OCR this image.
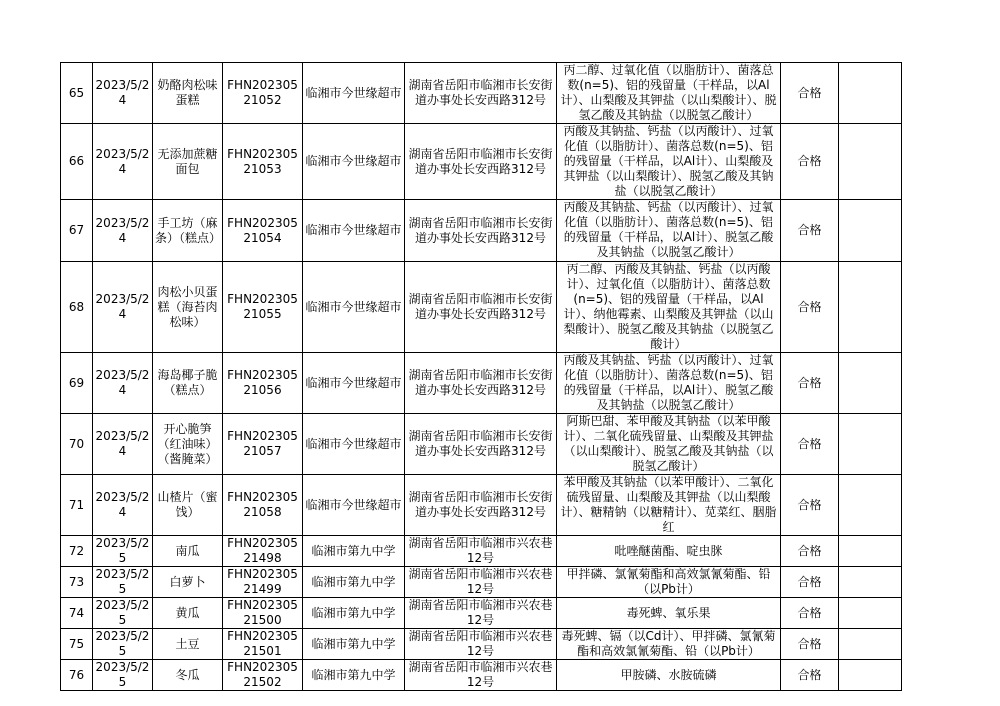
65	2023/5/24	奶酪肉松味蛋糕	FHN20230521052	临湘市今世缘超市	湖南省岳阳市临湘市长安街道办事处长安西路312号	丙二醇、过氧化值（以脂肪计）、菌落总数(n=5)、铝的残留量（干样品，以Al计）、山梨酸及其钾盐（以山梨酸计）、脱氢乙酸及其钠盐（以脱氢乙酸计）	合格	
66	2023/5/24	无添加蔗糖面包	FHN20230521053	临湘市今世缘超市	湖南省岳阳市临湘市长安街道办事处长安西路312号	丙酸及其钠盐、钙盐（以丙酸计）、过氧化值（以脂肪计）、菌落总数(n=5)、铝的残留量（干样品，以Al计）、山梨酸及其钾盐（以山梨酸计）、脱氢乙酸及其钠盐（以脱氢乙酸计）	合格	
67	2023/5/24	手工坊（麻条）（糕点）	FHN20230521054	临湘市今世缘超市	湖南省岳阳市临湘市长安街道办事处长安西路312号	丙酸及其钠盐、钙盐（以丙酸计）、过氧化值（以脂肪计）、菌落总数(n=5)、铝的残留量（干样品，以Al计）、脱氢乙酸及其钠盐（以脱氢乙酸计）	合格	
68	2023/5/24	肉松小贝蛋糕（海苔肉松味）	FHN20230521055	临湘市今世缘超市	湖南省岳阳市临湘市长安街道办事处长安西路312号	丙二醇、丙酸及其钠盐、钙盐（以丙酸计）、过氧化值（以脂肪计）、菌落总数(n=5)、铝的残留量（干样品，以Al计）、纳他霉素、山梨酸及其钾盐（以山梨酸计）、脱氢乙酸及其钠盐（以脱氢乙酸计）	合格	
69	2023/5/24	海岛椰子脆（糕点）	FHN20230521056	临湘市今世缘超市	湖南省岳阳市临湘市长安街道办事处长安西路312号	丙酸及其钠盐、钙盐（以丙酸计）、过氧化值（以脂肪计）、菌落总数(n=5)、铝的残留量（干样品，以Al计）、脱氢乙酸及其钠盐（以脱氢乙酸计）	合格	
70	2023/5/24	开心脆笋（红油味）（酱腌菜）	FHN20230521057	临湘市今世缘超市	湖南省岳阳市临湘市长安街道办事处长安西路312号	阿斯巴甜、苯甲酸及其钠盐（以苯甲酸计）、二氧化硫残留量、山梨酸及其钾盐（以山梨酸计）、脱氢乙酸及其钠盐（以脱氢乙酸计）	合格	
71	2023/5/24	山楂片（蜜饯）	FHN20230521058	临湘市今世缘超市	湖南省岳阳市临湘市长安街道办事处长安西路312号	苯甲酸及其钠盐（以苯甲酸计）、二氧化硫残留量、山梨酸及其钾盐（以山梨酸计）、糖精钠（以糖精计）、苋菜红、胭脂红	合格	
72	2023/5/25	南瓜	FHN20230521498	临湘市第九中学	湖南省岳阳市临湘市兴农巷12号	吡唑醚菌酯、啶虫脒	合格	
73	2023/5/25	白萝卜	FHN20230521499	临湘市第九中学	湖南省岳阳市临湘市兴农巷12号	甲拌磷、氯氰菊酯和高效氯氰菊酯、铅（以Pb计）	合格	
74	2023/5/25	黄瓜	FHN20230521500	临湘市第九中学	湖南省岳阳市临湘市兴农巷12号	毒死蜱、氧乐果	合格	
75	2023/5/25	土豆	FHN20230521501	临湘市第九中学	湖南省岳阳市临湘市兴农巷12号	毒死蜱、镉（以Cd计）、甲拌磷、氯氰菊酯和高效氯氰菊酯、铅（以Pb计）	合格	
76	2023/5/25	冬瓜	FHN20230521502	临湘市第九中学	湖南省岳阳市临湘市兴农巷12号	甲胺磷、水胺硫磷	合格	
